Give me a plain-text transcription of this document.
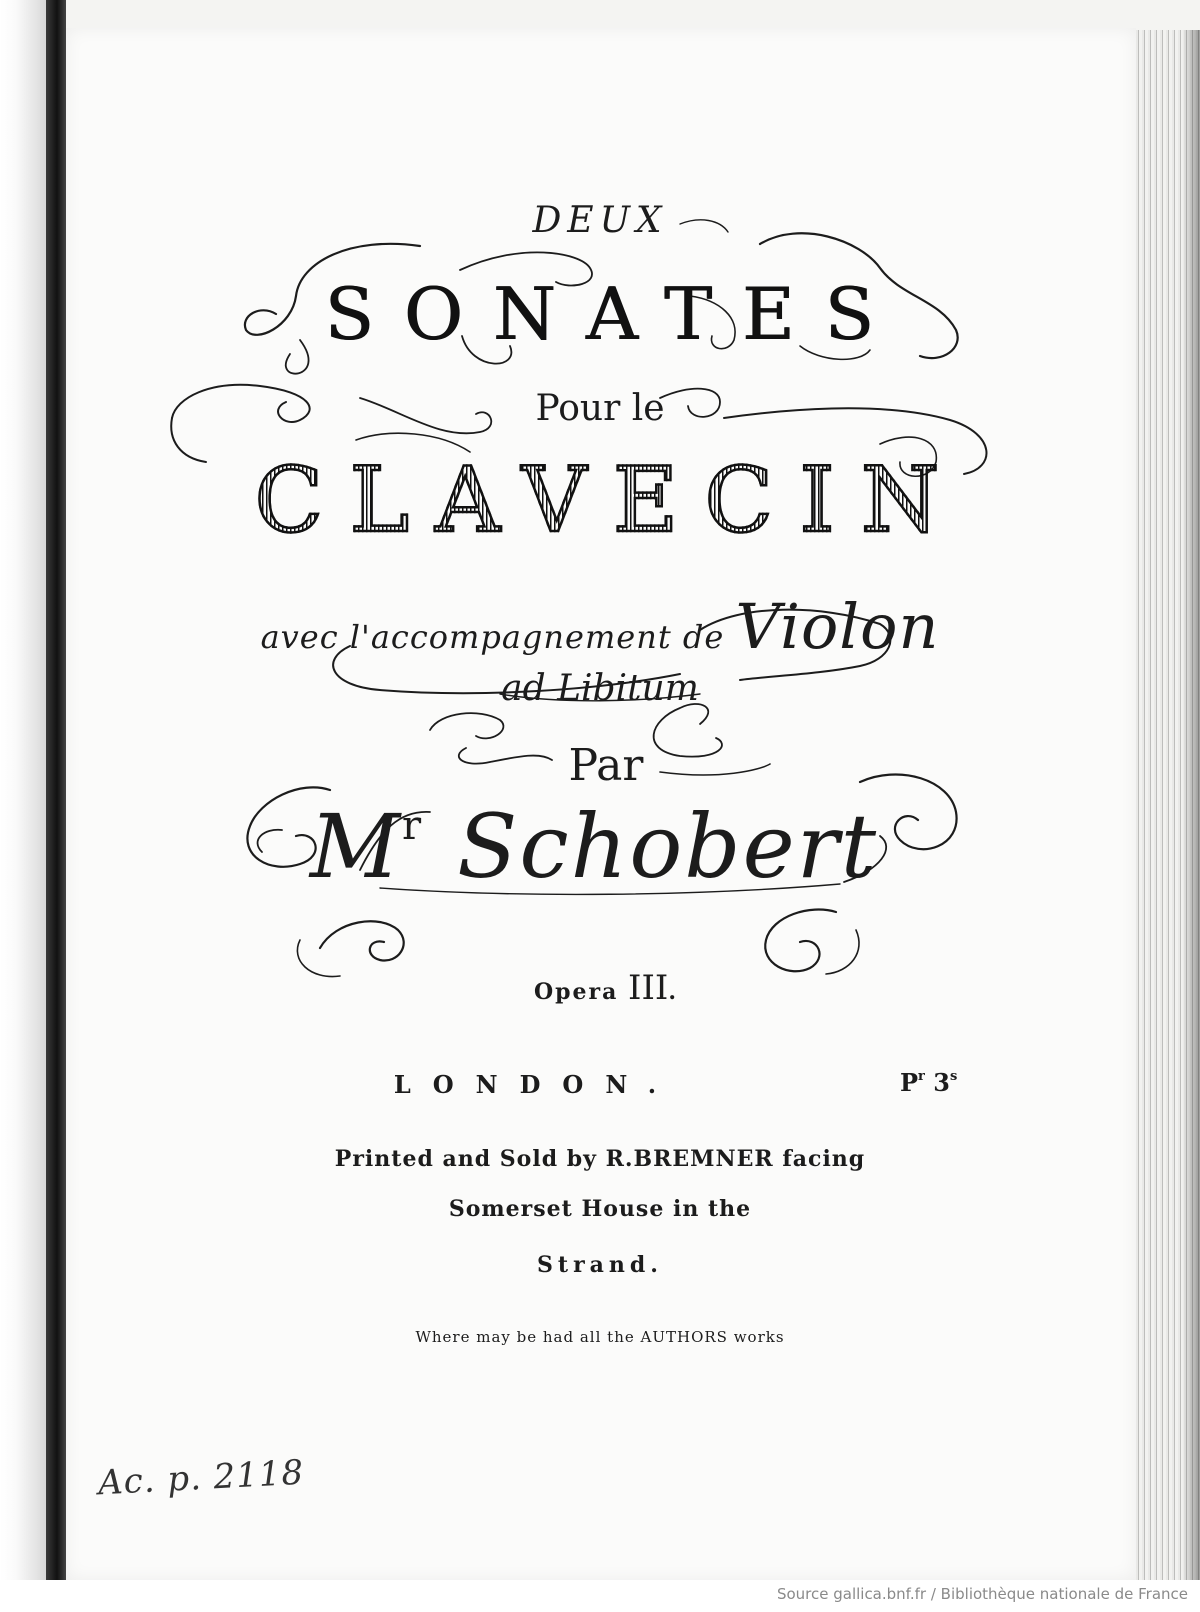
DEUX
SONATES
Pour le
CLAVECIN
avec l'accompagnement de Violon
ad Libitum
Par
$M^r$ Schobert
Opera III.
LONDON.	$P^r$ 3$^s$
Printed and Sold by R.BREMNER facing
Somerset House in the
Strand.
Where may be had all the AUTHORS works
Ac. p. 2118
Source gallica.bnf.fr / Bibliothèque nationale de France
